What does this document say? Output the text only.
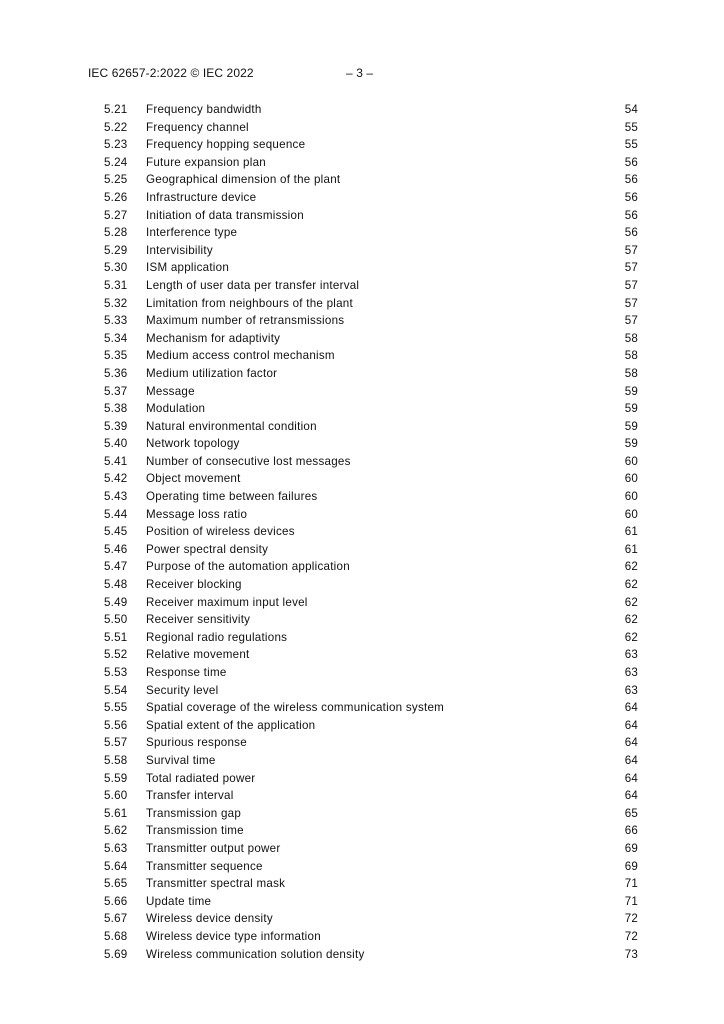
IEC 62657-2:2022 © IEC 2022	– 3 –
5.21	Frequency bandwidth	54
5.22	Frequency channel	55
5.23	Frequency hopping sequence	55
5.24	Future expansion plan	56
5.25	Geographical dimension of the plant	56
5.26	Infrastructure device	56
5.27	Initiation of data transmission	56
5.28	Interference type	56
5.29	Intervisibility	57
5.30	ISM application	57
5.31	Length of user data per transfer interval	57
5.32	Limitation from neighbours of the plant	57
5.33	Maximum number of retransmissions	57
5.34	Mechanism for adaptivity	58
5.35	Medium access control mechanism	58
5.36	Medium utilization factor	58
5.37	Message	59
5.38	Modulation	59
5.39	Natural environmental condition	59
5.40	Network topology	59
5.41	Number of consecutive lost messages	60
5.42	Object movement	60
5.43	Operating time between failures	60
5.44	Message loss ratio	60
5.45	Position of wireless devices	61
5.46	Power spectral density	61
5.47	Purpose of the automation application	62
5.48	Receiver blocking	62
5.49	Receiver maximum input level	62
5.50	Receiver sensitivity	62
5.51	Regional radio regulations	62
5.52	Relative movement	63
5.53	Response time	63
5.54	Security level	63
5.55	Spatial coverage of the wireless communication system	64
5.56	Spatial extent of the application	64
5.57	Spurious response	64
5.58	Survival time	64
5.59	Total radiated power	64
5.60	Transfer interval	64
5.61	Transmission gap	65
5.62	Transmission time	66
5.63	Transmitter output power	69
5.64	Transmitter sequence	69
5.65	Transmitter spectral mask	71
5.66	Update time	71
5.67	Wireless device density	72
5.68	Wireless device type information	72
5.69	Wireless communication solution density	73
